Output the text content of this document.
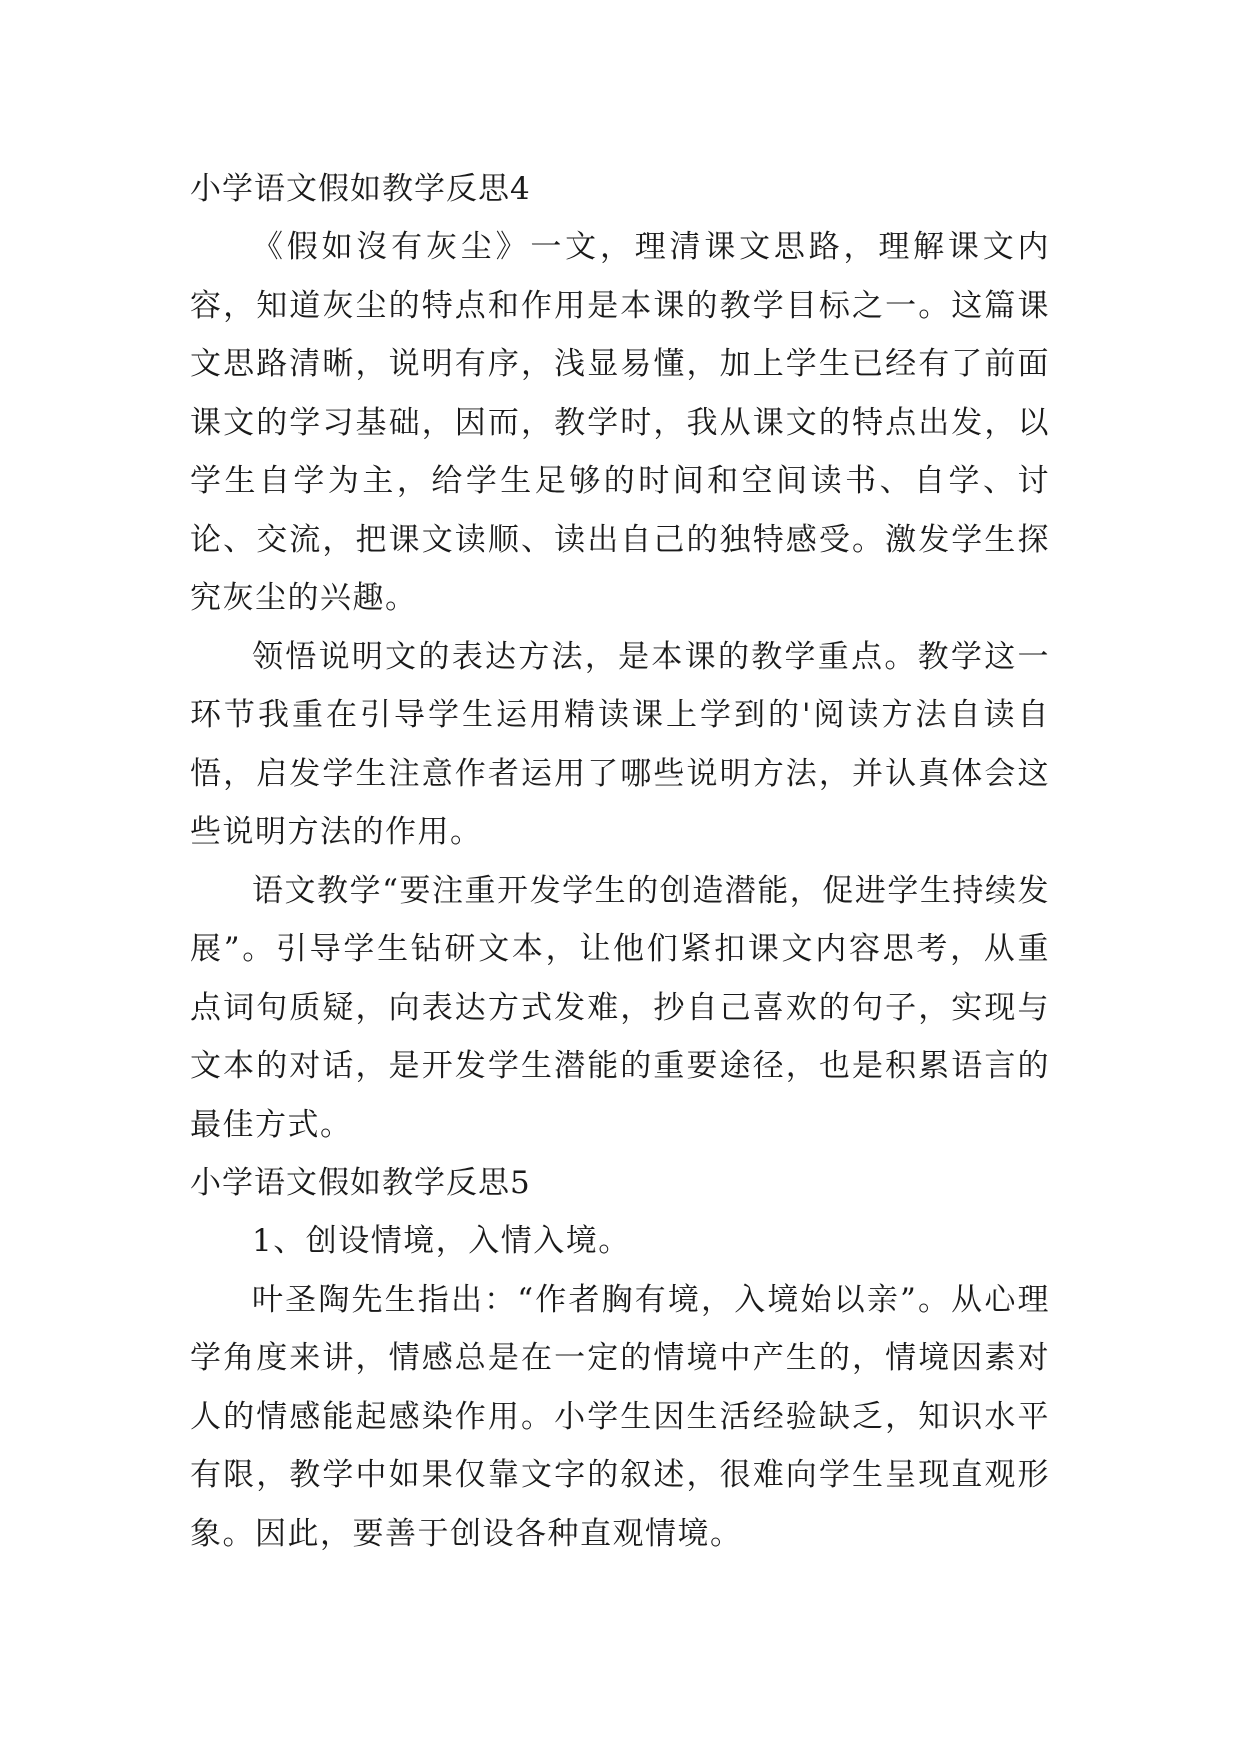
小学语文假如教学反思4

《假如沒有灰尘》一文，理清课文思路，理解课文内容，知道灰尘的特点和作用是本课的教学目标之一。这篇课文思路清晰，说明有序，浅显易懂，加上学生已经有了前面课文的学习基础，因而，教学时，我从课文的特点出发，以学生自学为主，给学生足够的时间和空间读书、自学、讨论、交流，把课文读顺、读出自己的独特感受。激发学生探究灰尘的兴趣。

领悟说明文的表达方法，是本课的教学重点。教学这一环节我重在引导学生运用精读课上学到的'阅读方法自读自悟，启发学生注意作者运用了哪些说明方法，并认真体会这些说明方法的作用。

语文教学“要注重开发学生的创造潜能，促进学生持续发展”。引导学生钻研文本，让他们紧扣课文内容思考，从重点词句质疑，向表达方式发难，抄自己喜欢的句子，实现与文本的对话，是开发学生潜能的重要途径，也是积累语言的最佳方式。

小学语文假如教学反思5

1、创设情境，入情入境。

叶圣陶先生指出：“作者胸有境，入境始以亲”。从心理学角度来讲，情感总是在一定的情境中产生的，情境因素对人的情感能起感染作用。小学生因生活经验缺乏，知识水平有限，教学中如果仅靠文字的叙述，很难向学生呈现直观形象。因此，要善于创设各种直观情境。
